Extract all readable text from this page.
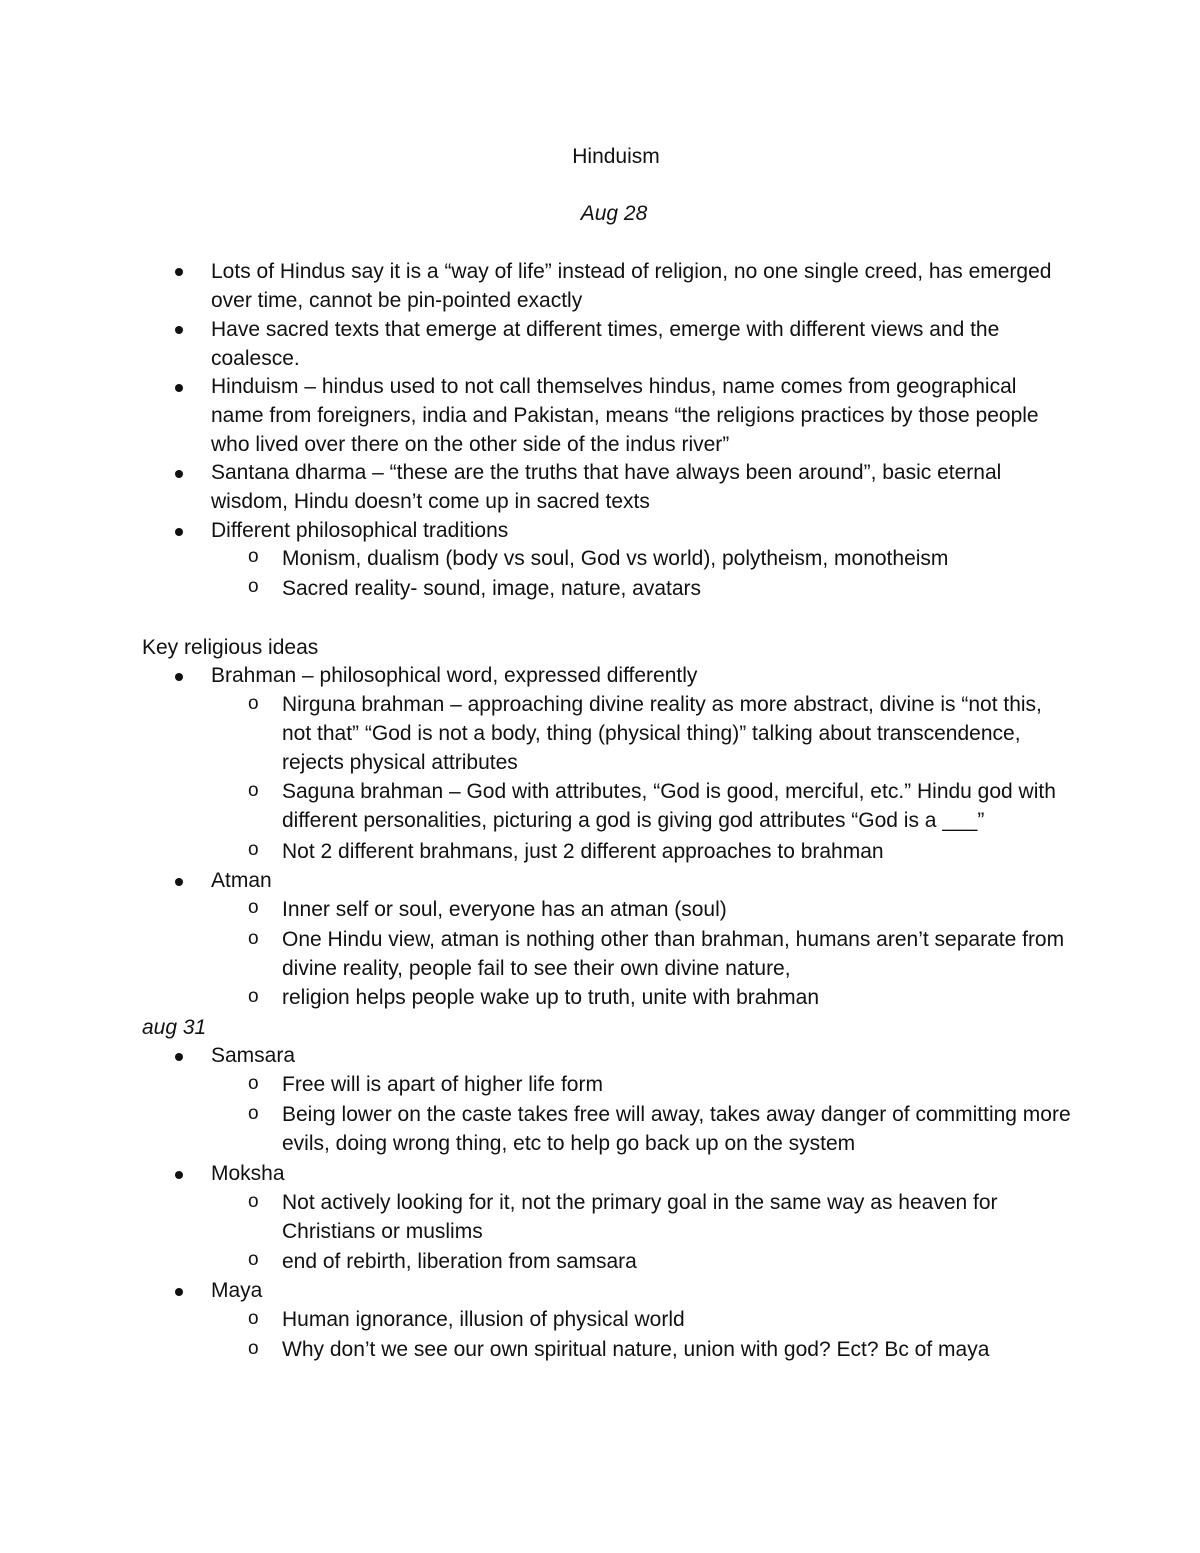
Hinduism
Aug 28
Lots of Hindus say it is a “way of life” instead of religion, no one single creed, has emerged over time, cannot be pin-pointed exactly
Have sacred texts that emerge at different times, emerge with different views and the coalesce.
Hinduism – hindus used to not call themselves hindus, name comes from geographical name from foreigners, india and Pakistan, means “the religions practices by those people who lived over there on the other side of the indus river”
Santana dharma – “these are the truths that have always been around”, basic eternal wisdom, Hindu doesn’t come up in sacred texts
Different philosophical traditions
o Monism, dualism (body vs soul, God vs world), polytheism, monotheism
o Sacred reality- sound, image, nature, avatars
Key religious ideas
Brahman – philosophical word, expressed differently
o Nirguna brahman – approaching divine reality as more abstract, divine is “not this, not that” “God is not a body, thing (physical thing)” talking about transcendence, rejects physical attributes
o Saguna brahman – God with attributes, “God is good, merciful, etc.” Hindu god with different personalities, picturing a god is giving god attributes “God is a ___”
o Not 2 different brahmans, just 2 different approaches to brahman
Atman
o Inner self or soul, everyone has an atman (soul)
o One Hindu view, atman is nothing other than brahman, humans aren’t separate from divine reality, people fail to see their own divine nature,
o religion helps people wake up to truth, unite with brahman
aug 31
Samsara
o Free will is apart of higher life form
o Being lower on the caste takes free will away, takes away danger of committing more evils, doing wrong thing, etc to help go back up on the system
Moksha
o Not actively looking for it, not the primary goal in the same way as heaven for Christians or muslims
o end of rebirth, liberation from samsara
Maya
o Human ignorance, illusion of physical world
o Why don’t we see our own spiritual nature, union with god? Ect? Bc of maya
